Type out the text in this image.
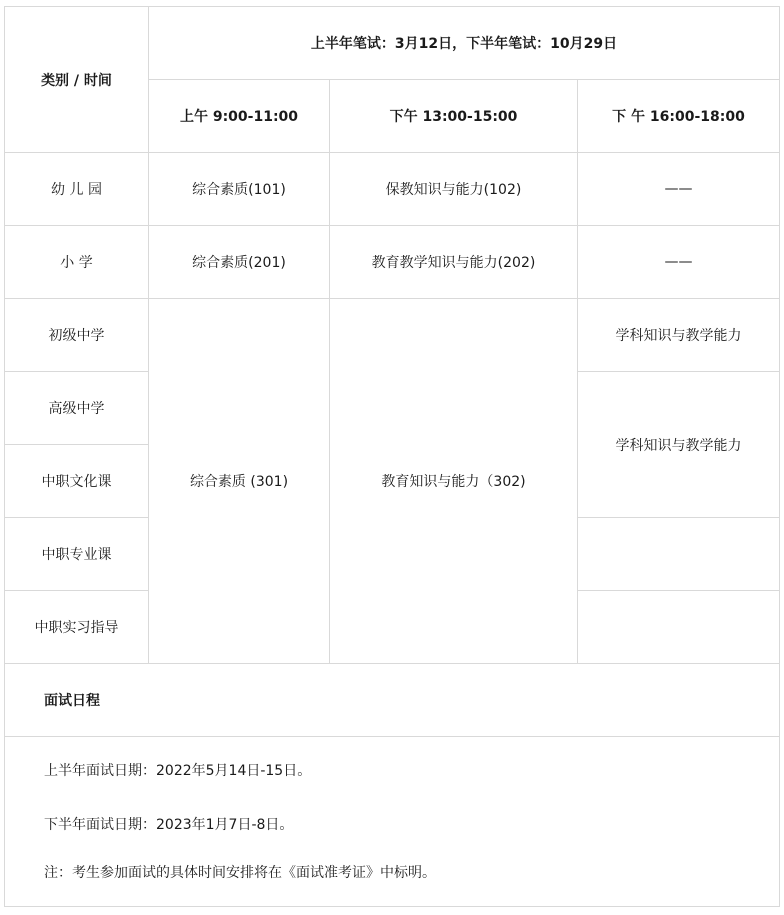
类别 / 时间	上半年笔试：3月12日，下半年笔试：10月29日		
	上午 9:00-11:00	下午 13:00-15:00	下 午 16:00-18:00
幼 儿 园	综合素质(101)	保教知识与能力(102)	——
小 学	综合素质(201)	教育教学知识与能力(202)	——
初级中学	综合素质 (301)	教育知识与能力（302)	学科知识与教学能力
高级中学			学科知识与教学能力
中职文化课			
中职专业课			
中职实习指导			
面试日程			

上半年面试日期：2022年5月14日-15日。

下半年面试日期：2023年1月7日-8日。

注：考生参加面试的具体时间安排将在《面试准考证》中标明。			
